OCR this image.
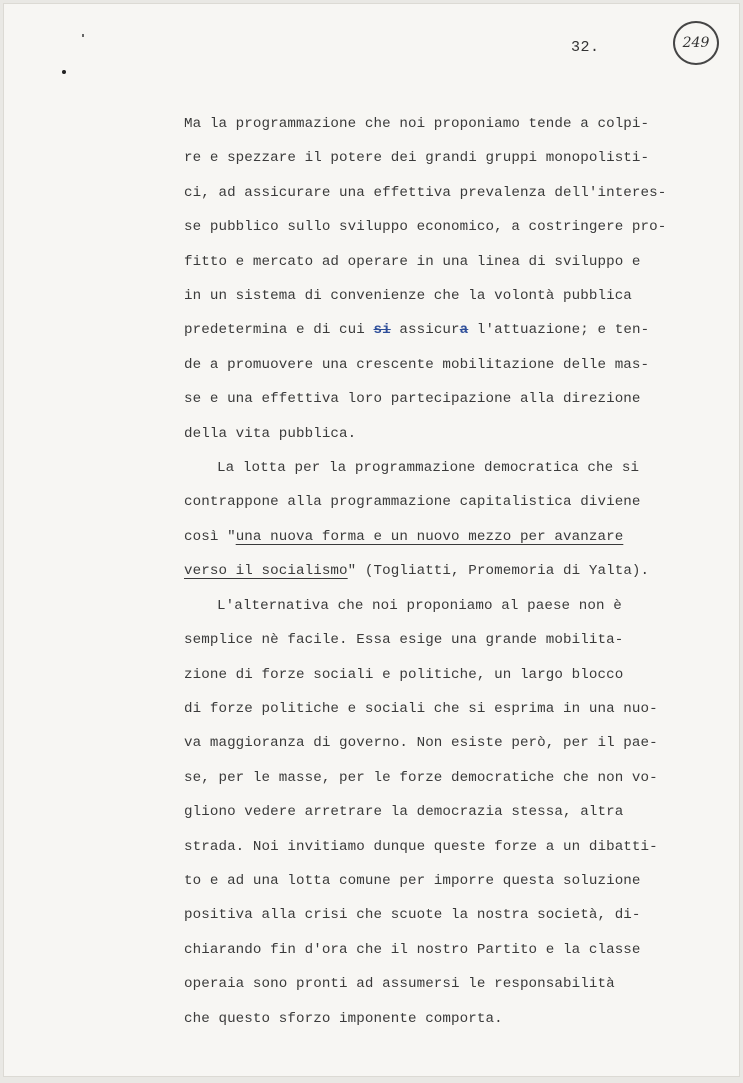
32.	249
Ma la programmazione che noi proponiamo tende a colpi-
re e spezzare il potere dei grandi gruppi monopolisti-
ci, ad assicurare una effettiva prevalenza dell'interes-
se pubblico sullo sviluppo economico, a costringere pro-
fitto e mercato ad operare in una linea di sviluppo e
in un sistema di convenienze che la volontà pubblica
predetermina e di cui si assicura l'attuazione; e ten-
de a promuovere una crescente mobilitazione delle mas-
se e una effettiva loro partecipazione alla direzione
della vita pubblica.
La lotta per la programmazione democratica che si
contrappone alla programmazione capitalistica diviene
così "una nuova forma e un nuovo mezzo per avanzare
verso il socialismo" (Togliatti, Promemoria di Yalta).
L'alternativa che noi proponiamo al paese non è
semplice nè facile. Essa esige una grande mobilita-
zione di forze sociali e politiche, un largo blocco
di forze politiche e sociali che si esprima in una nuo-
va maggioranza di governo. Non esiste però, per il pae-
se, per le masse, per le forze democratiche che non vo-
gliono vedere arretrare la democrazia stessa, altra
strada. Noi invitiamo dunque queste forze a un dibatti-
to e ad una lotta comune per imporre questa soluzione
positiva alla crisi che scuote la nostra società, di-
chiarando fin d'ora che il nostro Partito e la classe
operaia sono pronti ad assumersi le responsabilità
che questo sforzo imponente comporta.
